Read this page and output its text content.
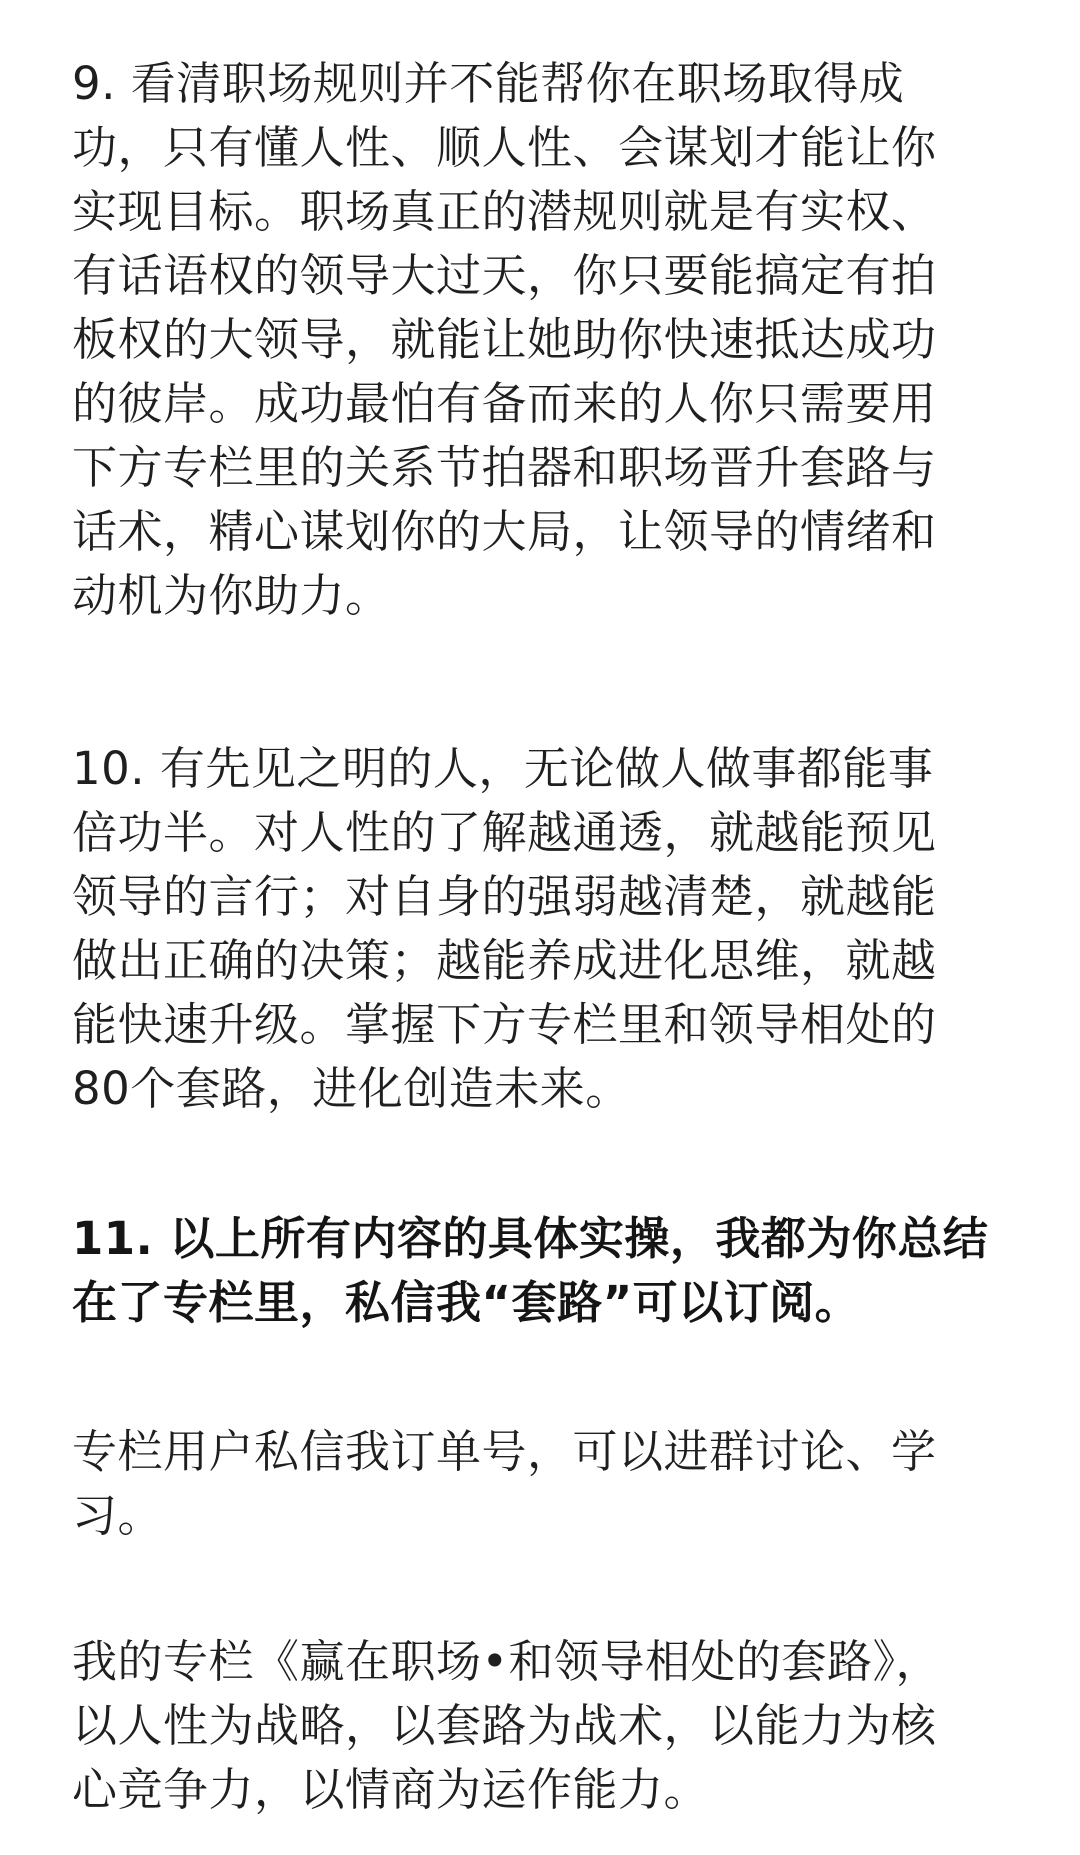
9. 看清职场规则并不能帮你在职场取得成
功，只有懂人性、顺人性、会谋划才能让你
实现目标。职场真正的潜规则就是有实权、
有话语权的领导大过天，你只要能搞定有拍
板权的大领导，就能让她助你快速抵达成功
的彼岸。成功最怕有备而来的人你只需要用
下方专栏里的关系节拍器和职场晋升套路与
话术，精心谋划你的大局，让领导的情绪和
动机为你助力。
10. 有先见之明的人，无论做人做事都能事
倍功半。对人性的了解越通透，就越能预见
领导的言行；对自身的强弱越清楚，就越能
做出正确的决策；越能养成进化思维，就越
能快速升级。掌握下方专栏里和领导相处的
80个套路，进化创造未来。
11. 以上所有内容的具体实操，我都为你总结
在了专栏里，私信我“套路”可以订阅。
专栏用户私信我订单号，可以进群讨论、学
习。
我的专栏《赢在职场•和领导相处的套路》，
以人性为战略，以套路为战术，以能力为核
心竞争力，以情商为运作能力。
